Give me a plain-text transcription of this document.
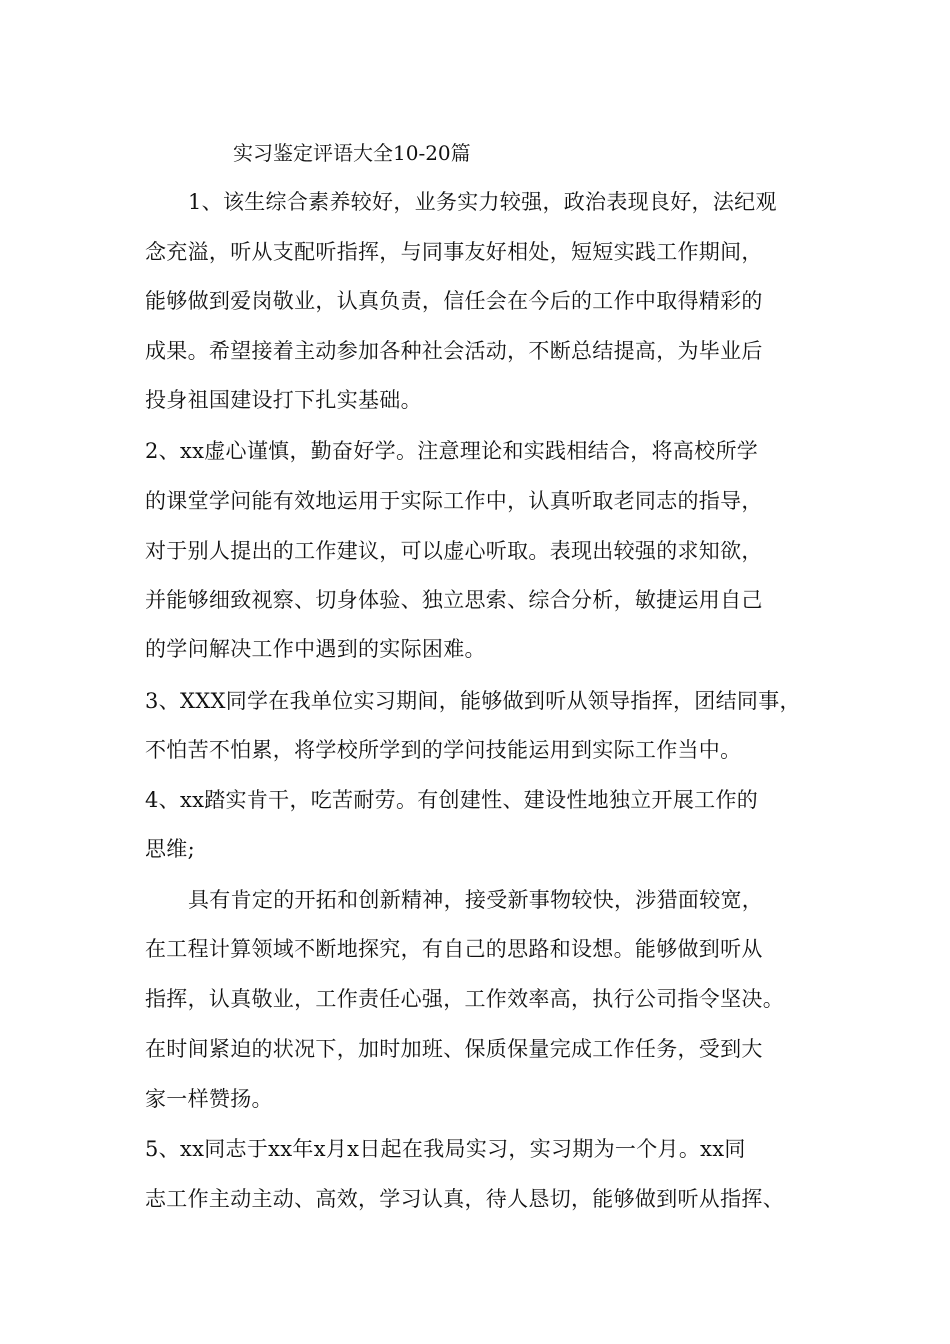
实习鉴定评语大全10-20篇
1、该生综合素养较好，业务实力较强，政治表现良好，法纪观
念充溢，听从支配听指挥，与同事友好相处，短短实践工作期间，
能够做到爱岗敬业，认真负责，信任会在今后的工作中取得精彩的
成果。希望接着主动参加各种社会活动，不断总结提高，为毕业后
投身祖国建设打下扎实基础。
2、xx虚心谨慎，勤奋好学。注意理论和实践相结合，将高校所学
的课堂学问能有效地运用于实际工作中，认真听取老同志的指导，
对于别人提出的工作建议，可以虚心听取。表现出较强的求知欲，
并能够细致视察、切身体验、独立思索、综合分析，敏捷运用自己
的学问解决工作中遇到的实际困难。
3、XXX同学在我单位实习期间，能够做到听从领导指挥，团结同事，
不怕苦不怕累，将学校所学到的学问技能运用到实际工作当中。
4、xx踏实肯干，吃苦耐劳。有创建性、建设性地独立开展工作的
思维;
具有肯定的开拓和创新精神，接受新事物较快，涉猎面较宽，
在工程计算领域不断地探究，有自己的思路和设想。能够做到听从
指挥，认真敬业，工作责任心强，工作效率高，执行公司指令坚决。
在时间紧迫的状况下，加时加班、保质保量完成工作任务，受到大
家一样赞扬。
5、xx同志于xx年x月x日起在我局实习，实习期为一个月。xx同
志工作主动主动、高效，学习认真，待人恳切，能够做到听从指挥、
